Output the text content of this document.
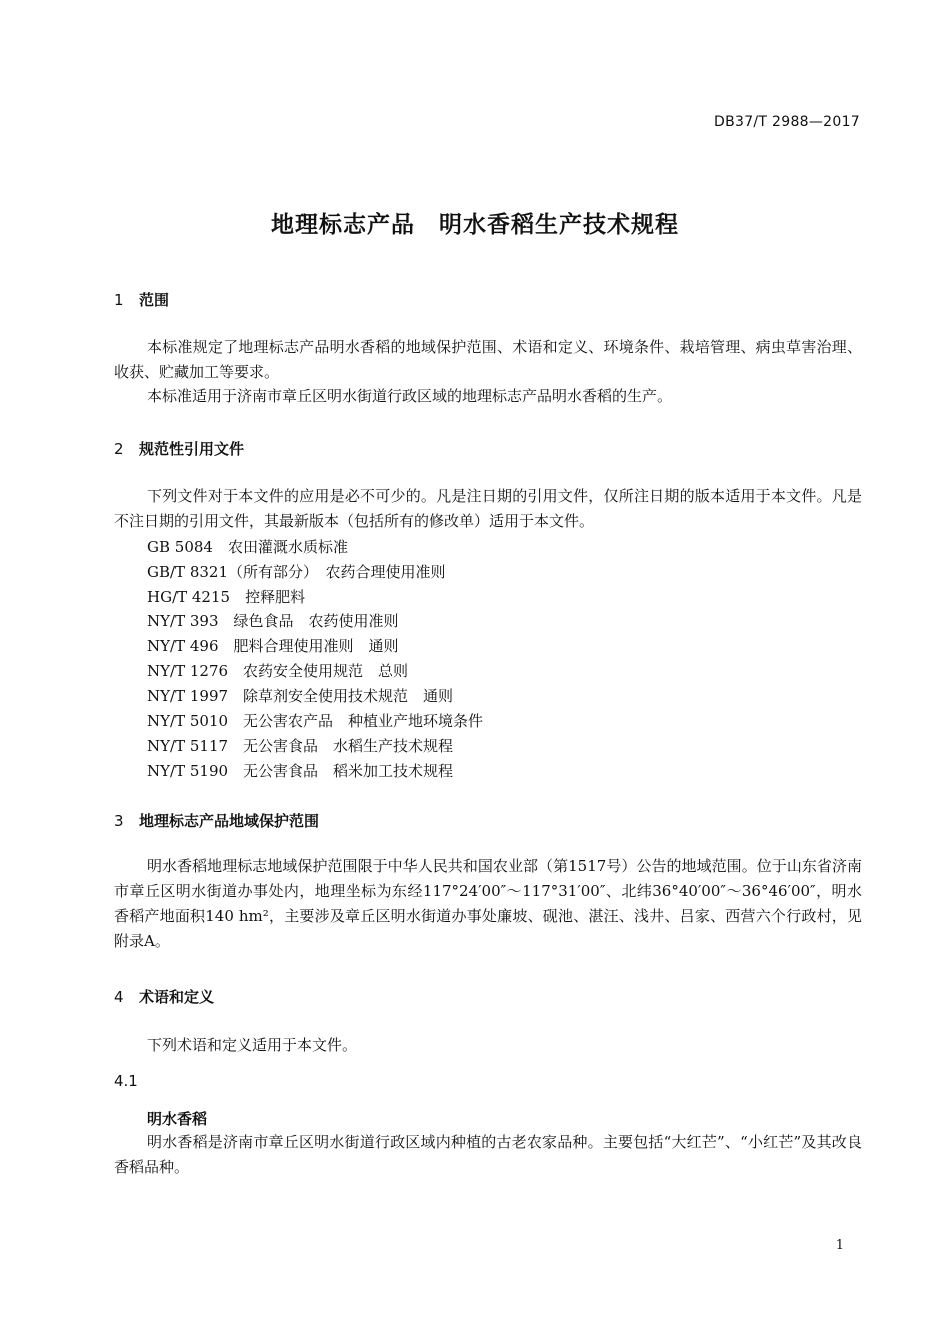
DB37/T 2988—2017
地理标志产品　明水香稻生产技术规程
1 范围
本标准规定了地理标志产品明水香稻的地域保护范围、术语和定义、环境条件、栽培管理、病虫草害治理、收获、贮藏加工等要求。
本标准适用于济南市章丘区明水街道行政区域的地理标志产品明水香稻的生产。
2 规范性引用文件
下列文件对于本文件的应用是必不可少的。凡是注日期的引用文件，仅所注日期的版本适用于本文件。凡是不注日期的引用文件，其最新版本（包括所有的修改单）适用于本文件。
GB 5084　农田灌溉水质标准
GB/T 8321（所有部分）　农药合理使用准则
HG/T 4215　控释肥料
NY/T 393　绿色食品　农药使用准则
NY/T 496　肥料合理使用准则　通则
NY/T 1276　农药安全使用规范　总则
NY/T 1997　除草剂安全使用技术规范　通则
NY/T 5010　无公害农产品　种植业产地环境条件
NY/T 5117　无公害食品　水稻生产技术规程
NY/T 5190　无公害食品　稻米加工技术规程
3 地理标志产品地域保护范围
明水香稻地理标志地域保护范围限于中华人民共和国农业部（第1517号）公告的地域范围。位于山东省济南市章丘区明水街道办事处内，地理坐标为东经117°24′00″～117°31′00″、北纬36°40′00″～36°46′00″，明水香稻产地面积140 hm²，主要涉及章丘区明水街道办事处廉坡、砚池、湛汪、浅井、吕家、西营六个行政村，见附录A。
4 术语和定义
下列术语和定义适用于本文件。
4.1
明水香稻
明水香稻是济南市章丘区明水街道行政区域内种植的古老农家品种。主要包括“大红芒”、“小红芒”及其改良香稻品种。
1
